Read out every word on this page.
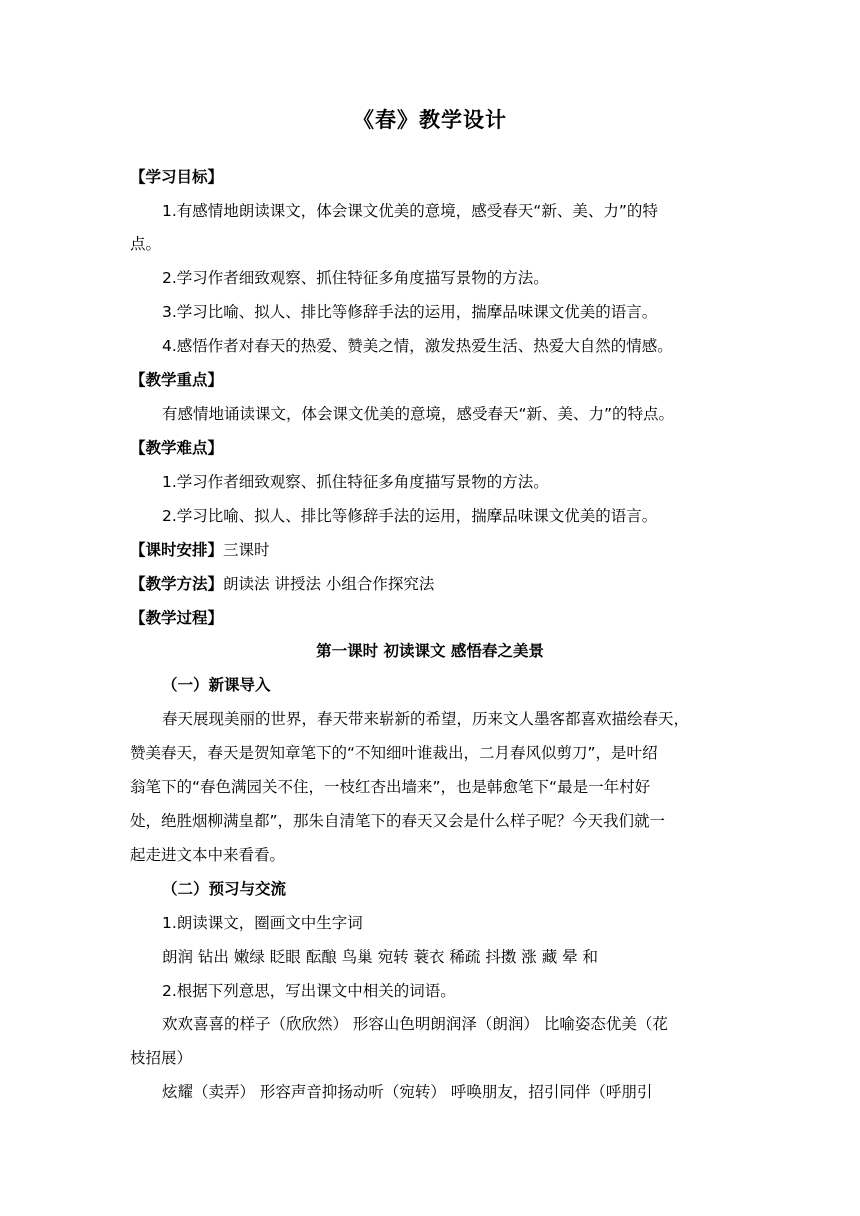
《春》教学设计
【学习目标】
1.有感情地朗读课文，体会课文优美的意境，感受春天“新、美、力”的特
点。
2.学习作者细致观察、抓住特征多角度描写景物的方法。
3.学习比喻、拟人、排比等修辞手法的运用，揣摩品味课文优美的语言。
4.感悟作者对春天的热爱、赞美之情，激发热爱生活、热爱大自然的情感。
【教学重点】
有感情地诵读课文，体会课文优美的意境，感受春天“新、美、力”的特点。
【教学难点】
1.学习作者细致观察、抓住特征多角度描写景物的方法。
2.学习比喻、拟人、排比等修辞手法的运用，揣摩品味课文优美的语言。
【课时安排】三课时
【教学方法】朗读法 讲授法 小组合作探究法
【教学过程】
第一课时 初读课文 感悟春之美景
（一）新课导入
春天展现美丽的世界，春天带来崭新的希望，历来文人墨客都喜欢描绘春天，
赞美春天，春天是贺知章笔下的“不知细叶谁裁出，二月春风似剪刀”，是叶绍
翁笔下的“春色满园关不住，一枝红杏出墙来”，也是韩愈笔下“最是一年村好
处，绝胜烟柳满皇都”，那朱自清笔下的春天又会是什么样子呢？今天我们就一
起走进文本中来看看。
（二）预习与交流
1.朗读课文，圈画文中生字词
朗润 钻出 嫩绿 眨眼 酝酿 鸟巢 宛转 蓑衣 稀疏 抖擞 涨 藏 晕 和
2.根据下列意思，写出课文中相关的词语。
欢欢喜喜的样子（欣欣然） 形容山色明朗润泽（朗润） 比喻姿态优美（花
枝招展）
炫耀（卖弄） 形容声音抑扬动听（宛转） 呼唤朋友，招引同伴（呼朋引
